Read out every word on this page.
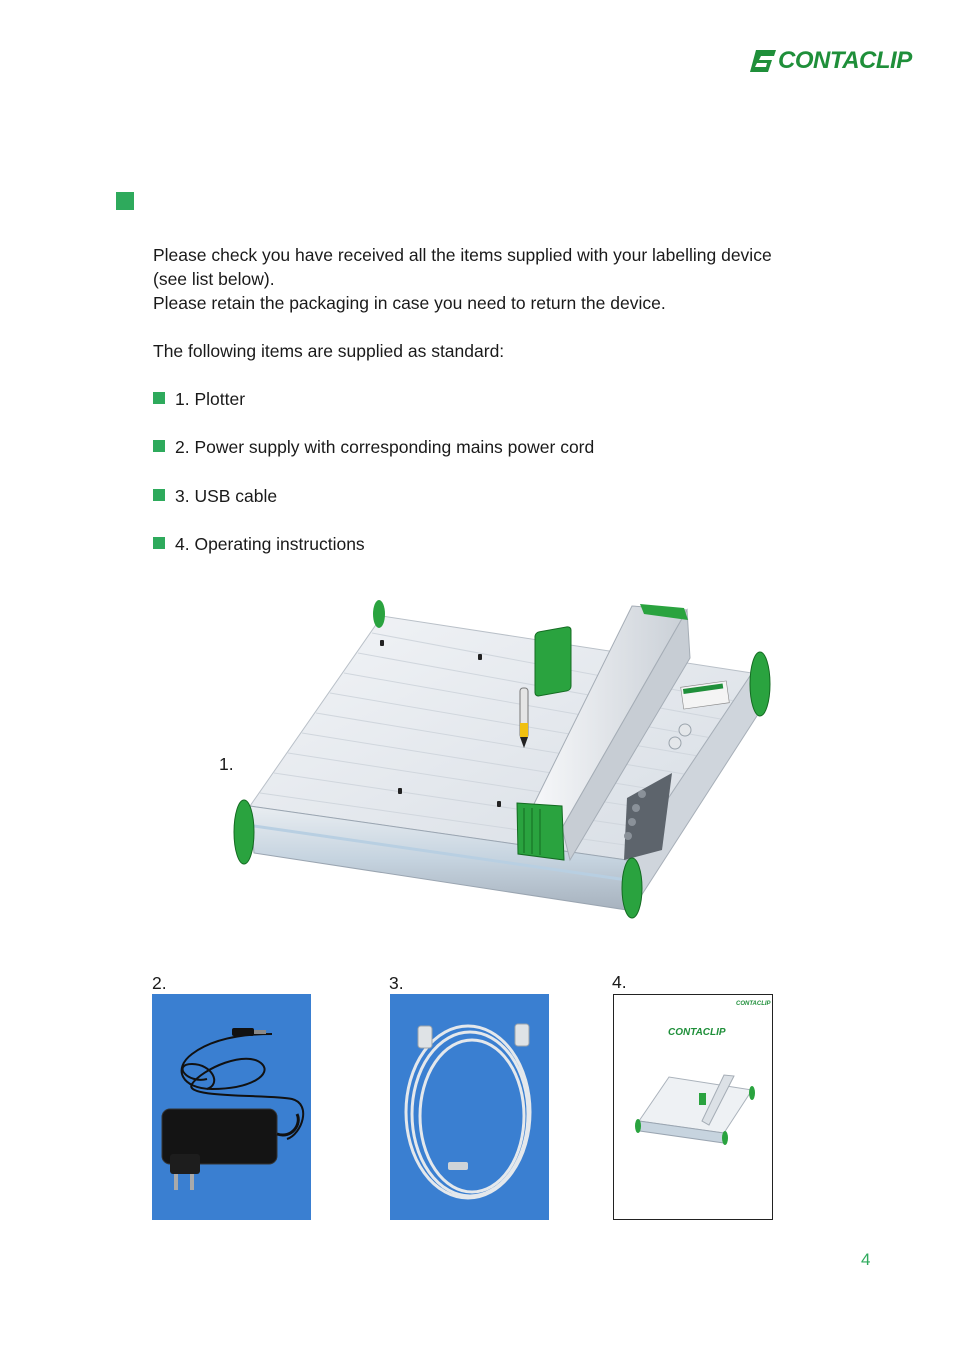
CONTACLIP
Please check you have received all the items supplied with your labelling device
(see list below).
Please retain the packaging in case you need to return the device.
The following items are supplied as standard:
1. Plotter
2. Power supply with corresponding mains power cord
3. USB cable
4. Operating instructions
1.
2.	3.	4.
CONTACLIP
CONTACLIP
4
